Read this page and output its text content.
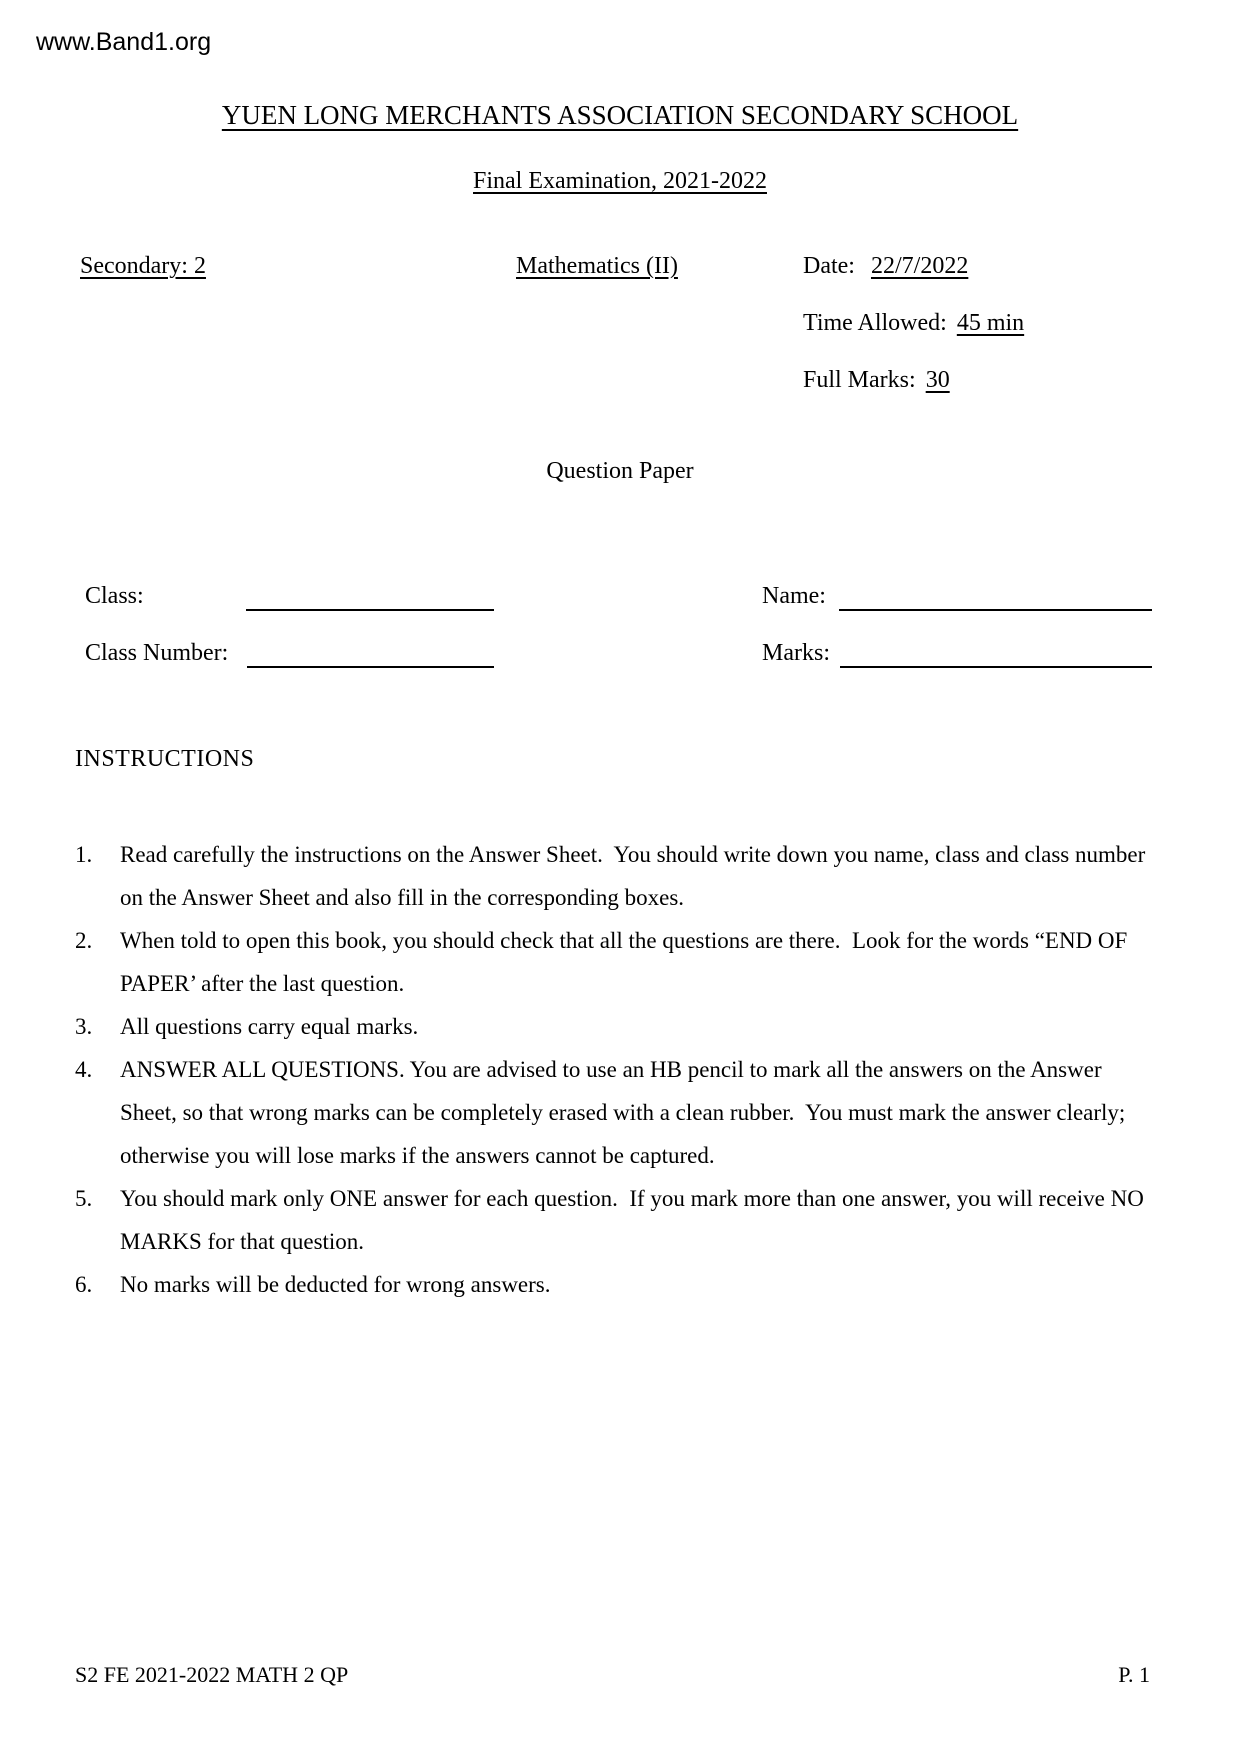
www.Band1.org
YUEN LONG MERCHANTS ASSOCIATION SECONDARY SCHOOL
Final Examination, 2021-2022
Secondary: 2	Mathematics (II)	Date: 22/7/2022
Time Allowed: 45 min
Full Marks: 30
Question Paper
Class:	Name:
Class Number:	Marks:
INSTRUCTIONS
1. Read carefully the instructions on the Answer Sheet.  You should write down you name, class and class number on the Answer Sheet and also fill in the corresponding boxes.
2. When told to open this book, you should check that all the questions are there.  Look for the words “END OF PAPER’ after the last question.
3. All questions carry equal marks.
4. ANSWER ALL QUESTIONS. You are advised to use an HB pencil to mark all the answers on the Answer Sheet, so that wrong marks can be completely erased with a clean rubber.  You must mark the answer clearly; otherwise you will lose marks if the answers cannot be captured.
5. You should mark only ONE answer for each question.  If you mark more than one answer, you will receive NO MARKS for that question.
6. No marks will be deducted for wrong answers.
S2 FE 2021-2022 MATH 2 QP	P. 1
